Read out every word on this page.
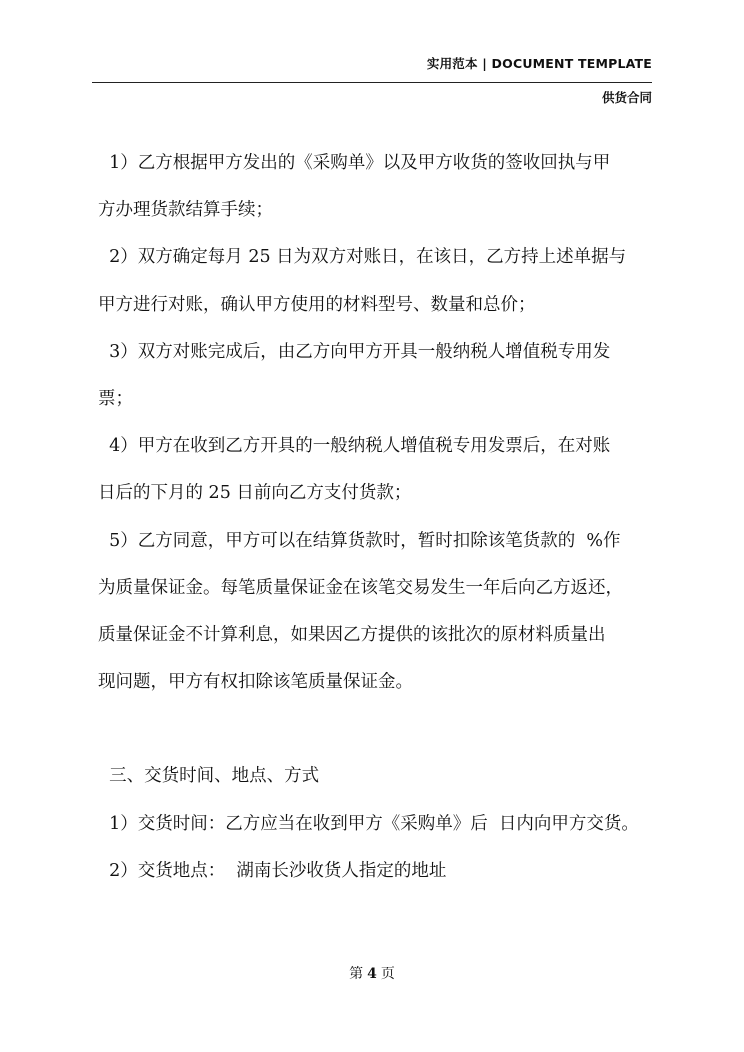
实用范本 | DOCUMENT TEMPLATE
供货合同
1）乙方根据甲方发出的《采购单》以及甲方收货的签收回执与甲
方办理货款结算手续；
2）双方确定每月 25 日为双方对账日，在该日，乙方持上述单据与
甲方进行对账，确认甲方使用的材料型号、数量和总价；
3）双方对账完成后，由乙方向甲方开具一般纳税人增值税专用发
票；
4）甲方在收到乙方开具的一般纳税人增值税专用发票后，在对账
日后的下月的 25 日前向乙方支付货款；
5）乙方同意，甲方可以在结算货款时，暂时扣除该笔货款的  %作
为质量保证金。每笔质量保证金在该笔交易发生一年后向乙方返还，
质量保证金不计算利息，如果因乙方提供的该批次的原材料质量出
现问题，甲方有权扣除该笔质量保证金。
三、交货时间、地点、方式
1）交货时间：乙方应当在收到甲方《采购单》后  日内向甲方交货。
2）交货地点：  湖南长沙收货人指定的地址
第 4 页
